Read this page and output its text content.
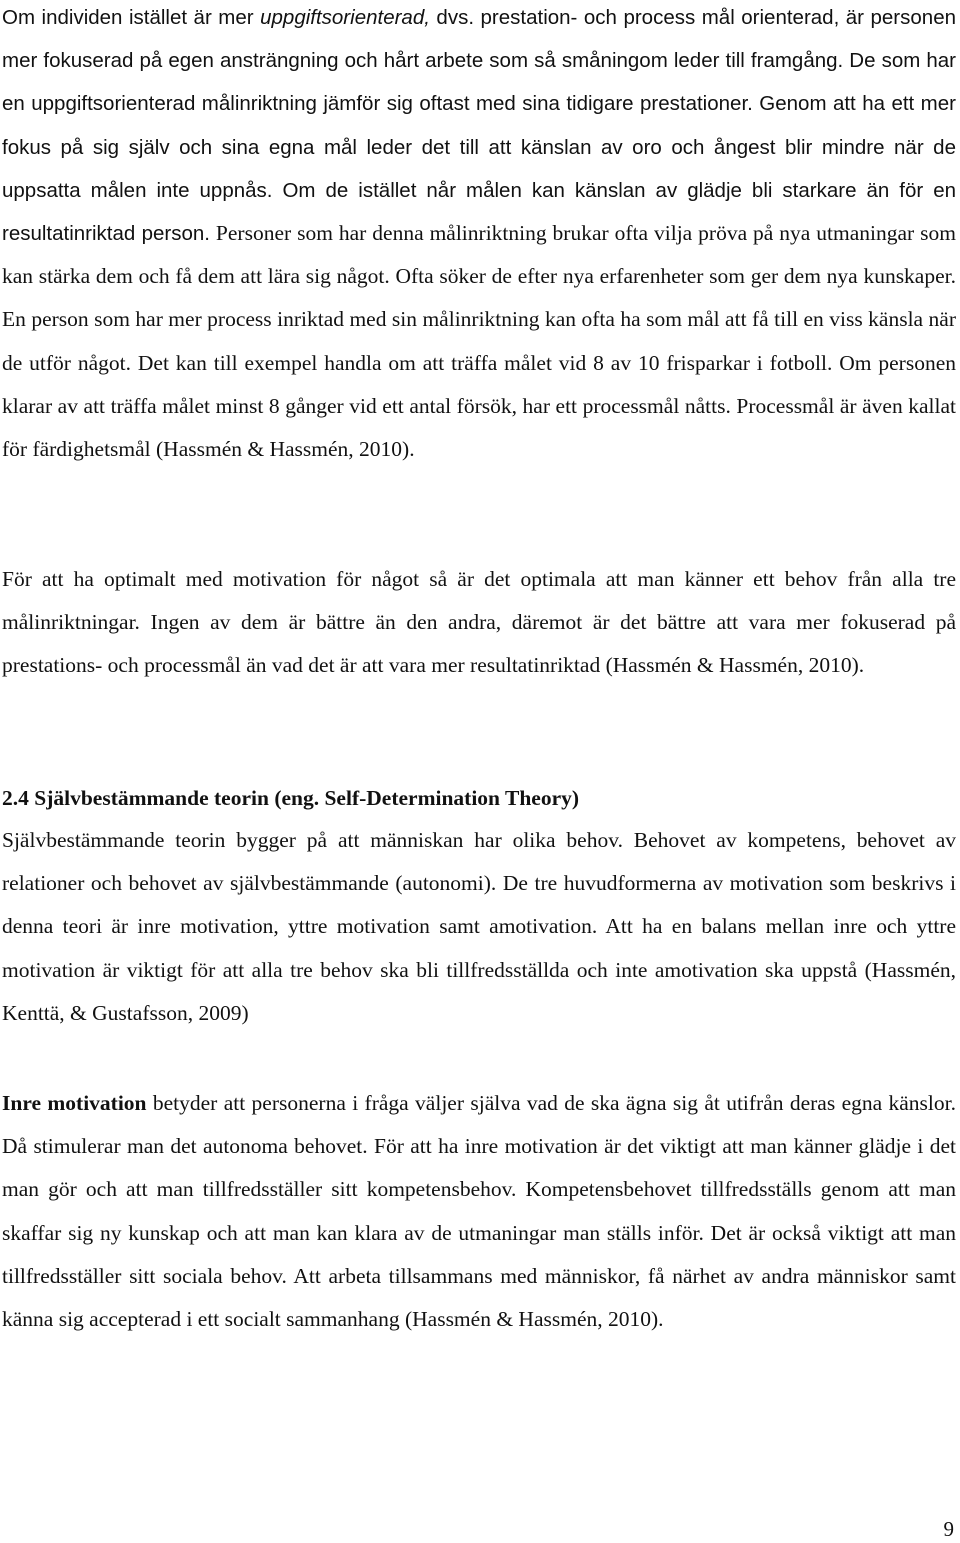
Om individen istället är mer uppgiftsorienterad, dvs. prestation- och process mål orienterad, är personen mer fokuserad på egen ansträngning och hårt arbete som så småningom leder till framgång. De som har en uppgiftsorienterad målinriktning jämför sig oftast med sina tidigare prestationer. Genom att ha ett mer fokus på sig själv och sina egna mål leder det till att känslan av oro och ångest blir mindre när de uppsatta målen inte uppnås. Om de istället når målen kan känslan av glädje bli starkare än för en resultatinriktad person. Personer som har denna målinriktning brukar ofta vilja pröva på nya utmaningar som kan stärka dem och få dem att lära sig något. Ofta söker de efter nya erfarenheter som ger dem nya kunskaper. En person som har mer process inriktad med sin målinriktning kan ofta ha som mål att få till en viss känsla när de utför något. Det kan till exempel handla om att träffa målet vid 8 av 10 frisparkar i fotboll. Om personen klarar av att träffa målet minst 8 gånger vid ett antal försök, har ett processmål nåtts. Processmål är även kallat för färdighetsmål (Hassmén & Hassmén, 2010).

För att ha optimalt med motivation för något så är det optimala att man känner ett behov från alla tre målinriktningar. Ingen av dem är bättre än den andra, däremot är det bättre att vara mer fokuserad på prestations- och processmål än vad det är att vara mer resultatinriktad (Hassmén & Hassmén, 2010).

2.4 Självbestämmande teorin (eng. Self-Determination Theory)

Självbestämmande teorin bygger på att människan har olika behov. Behovet av kompetens, behovet av relationer och behovet av självbestämmande (autonomi). De tre huvudformerna av motivation som beskrivs i denna teori är inre motivation, yttre motivation samt amotivation. Att ha en balans mellan inre och yttre motivation är viktigt för att alla tre behov ska bli tillfredsställda och inte amotivation ska uppstå (Hassmén, Kenttä, & Gustafsson, 2009)

Inre motivation betyder att personerna i fråga väljer själva vad de ska ägna sig åt utifrån deras egna känslor. Då stimulerar man det autonoma behovet. För att ha inre motivation är det viktigt att man känner glädje i det man gör och att man tillfredsställer sitt kompetensbehov. Kompetensbehovet tillfredsställs genom att man skaffar sig ny kunskap och att man kan klara av de utmaningar man ställs inför. Det är också viktigt att man tillfredsställer sitt sociala behov. Att arbeta tillsammans med människor, få närhet av andra människor samt känna sig accepterad i ett socialt sammanhang (Hassmén & Hassmén, 2010).

9
